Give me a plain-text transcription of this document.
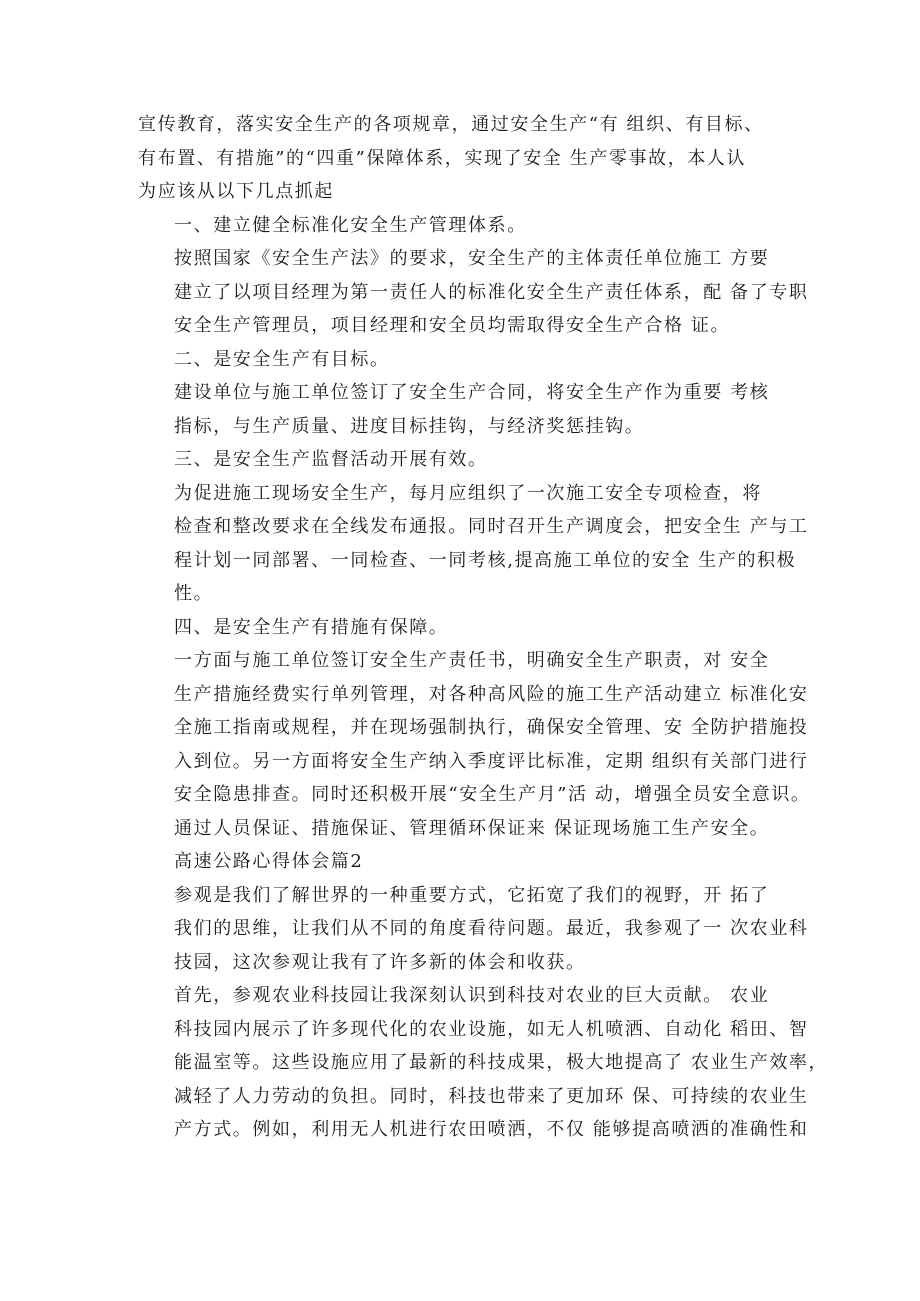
宣传教育，落实安全生产的各项规章，通过安全生产“有 组织、有目标、
有布置、有措施”的“四重”保障体系，实现了安全 生产零事故，本人认
为应该从以下几点抓起

一、建立健全标准化安全生产管理体系。

按照国家《安全生产法》的要求，安全生产的主体责任单位施工 方要
建立了以项目经理为第一责任人的标准化安全生产责任体系，配 备了专职
安全生产管理员，项目经理和安全员均需取得安全生产合格 证。

二、是安全生产有目标。

建设单位与施工单位签订了安全生产合同，将安全生产作为重要 考核
指标，与生产质量、进度目标挂钩，与经济奖惩挂钩。

三、是安全生产监督活动开展有效。

为促进施工现场安全生产，每月应组织了一次施工安全专项检查，将
检查和整改要求在全线发布通报。同时召开生产调度会，把安全生 产与工
程计划一同部署、一同检查、一同考核,提高施工单位的安全 生产的积极
性。

四、是安全生产有措施有保障。

一方面与施工单位签订安全生产责任书，明确安全生产职责，对 安全
生产措施经费实行单列管理，对各种高风险的施工生产活动建立 标准化安
全施工指南或规程，并在现场强制执行，确保安全管理、安 全防护措施投
入到位。另一方面将安全生产纳入季度评比标准，定期 组织有关部门进行
安全隐患排查。同时还积极开展“安全生产月”活 动，增强全员安全意识。
通过人员保证、措施保证、管理循环保证来 保证现场施工生产安全。

高速公路心得体会篇2

参观是我们了解世界的一种重要方式，它拓宽了我们的视野，开 拓了
我们的思维，让我们从不同的角度看待问题。最近，我参观了一 次农业科
技园，这次参观让我有了许多新的体会和收获。

首先，参观农业科技园让我深刻认识到科技对农业的巨大贡献。 农业
科技园内展示了许多现代化的农业设施，如无人机喷洒、自动化 稻田、智
能温室等。这些设施应用了最新的科技成果，极大地提高了 农业生产效率，
减轻了人力劳动的负担。同时，科技也带来了更加环 保、可持续的农业生
产方式。例如，利用无人机进行农田喷洒，不仅 能够提高喷洒的准确性和
